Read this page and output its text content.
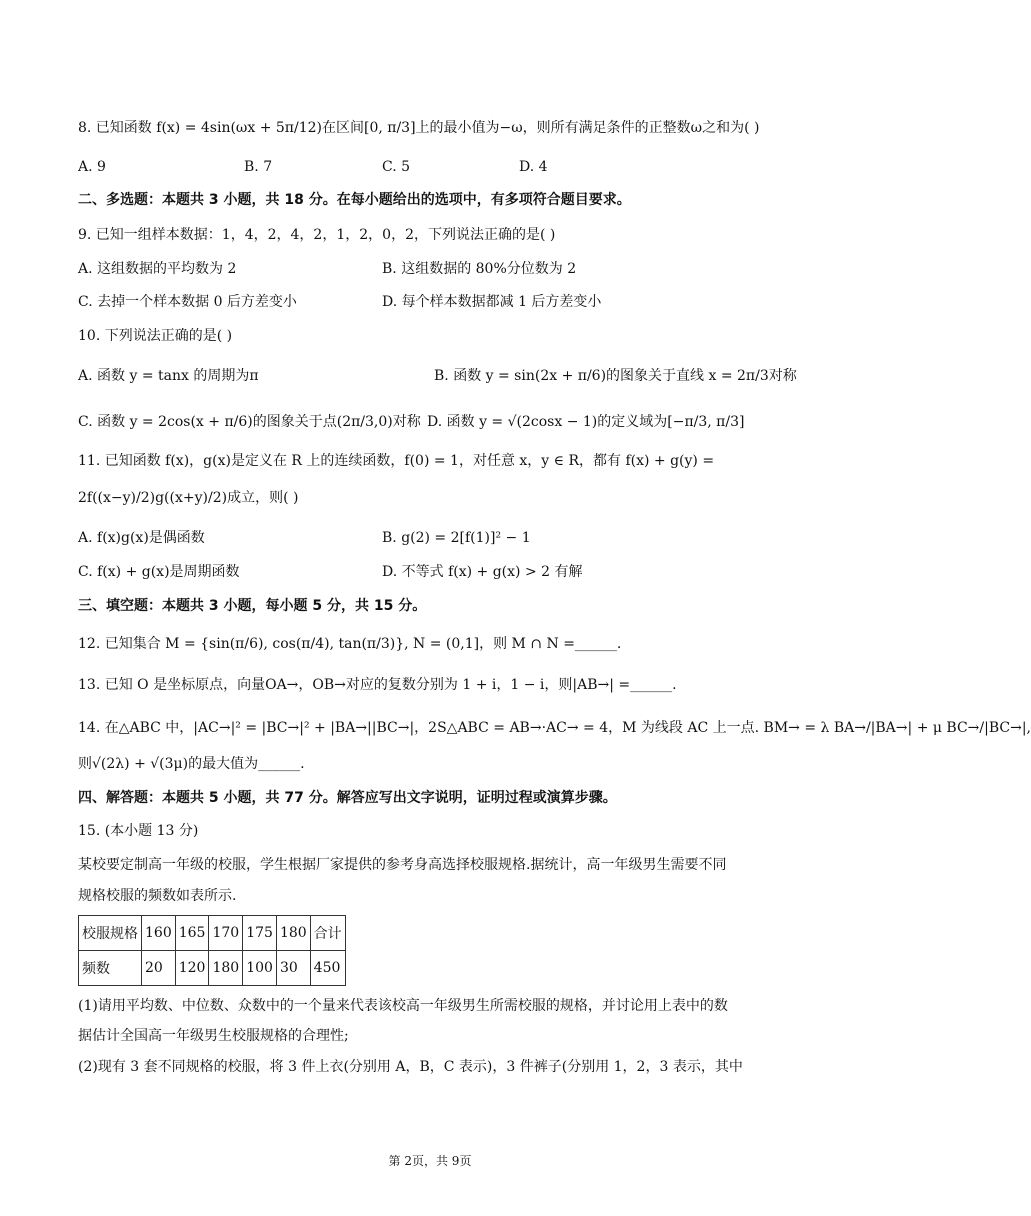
8. 已知函数 f(x) = 4sin(ωx + 5π/12)在区间[0, π/3]上的最小值为−ω，则所有满足条件的正整数ω之和为( )
A. 9	B. 7	C. 5	D. 4
二、多选题：本题共 3 小题，共 18 分。在每小题给出的选项中，有多项符合题目要求。
9. 已知一组样本数据：1，4，2，4，2，1，2，0，2，下列说法正确的是( )
A. 这组数据的平均数为 2	B. 这组数据的 80%分位数为 2
C. 去掉一个样本数据 0 后方差变小	D. 每个样本数据都减 1 后方差变小
10. 下列说法正确的是( )
A. 函数 y = tanx 的周期为π	B. 函数 y = sin(2x + π/6)的图象关于直线 x = 2π/3对称
C. 函数 y = 2cos(x + π/6)的图象关于点(2π/3,0)对称 D. 函数 y = √(2cosx − 1)的定义域为[−π/3, π/3]
11. 已知函数 f(x)，g(x)是定义在 R 上的连续函数，f(0) = 1，对任意 x，y ∈ R，都有 f(x) + g(y) =
2f((x−y)/2)g((x+y)/2)成立，则( )
A. f(x)g(x)是偶函数	B. g(2) = 2[f(1)]² − 1
C. f(x) + g(x)是周期函数	D. 不等式 f(x) + g(x) > 2 有解
三、填空题：本题共 3 小题，每小题 5 分，共 15 分。
12. 已知集合 M = {sin(π/6), cos(π/4), tan(π/3)}, N = (0,1]，则 M ∩ N =______.
13. 已知 O 是坐标原点，向量OA→，OB→对应的复数分别为 1 + i，1 − i，则|AB→| =______.
14. 在△ABC 中，|AC→|² = |BC→|² + |BA→||BC→|，2S△ABC = AB→·AC→ = 4，M 为线段 AC 上一点. BM→ = λ BA→/|BA→| + μ BC→/|BC→|,
则√(2λ) + √(3μ)的最大值为______.
四、解答题：本题共 5 小题，共 77 分。解答应写出文字说明，证明过程或演算步骤。
15. (本小题 13 分)
某校要定制高一年级的校服，学生根据厂家提供的参考身高选择校服规格.据统计，高一年级男生需要不同
规格校服的频数如表所示.
校服规格	160	165	170	175	180	合计
频数	20	120	180	100	30	450
(1)请用平均数、中位数、众数中的一个量来代表该校高一年级男生所需校服的规格，并讨论用上表中的数
据估计全国高一年级男生校服规格的合理性;
(2)现有 3 套不同规格的校服，将 3 件上衣(分别用 A，B，C 表示)，3 件裤子(分别用 1，2，3 表示，其中
第 2页，共 9页
